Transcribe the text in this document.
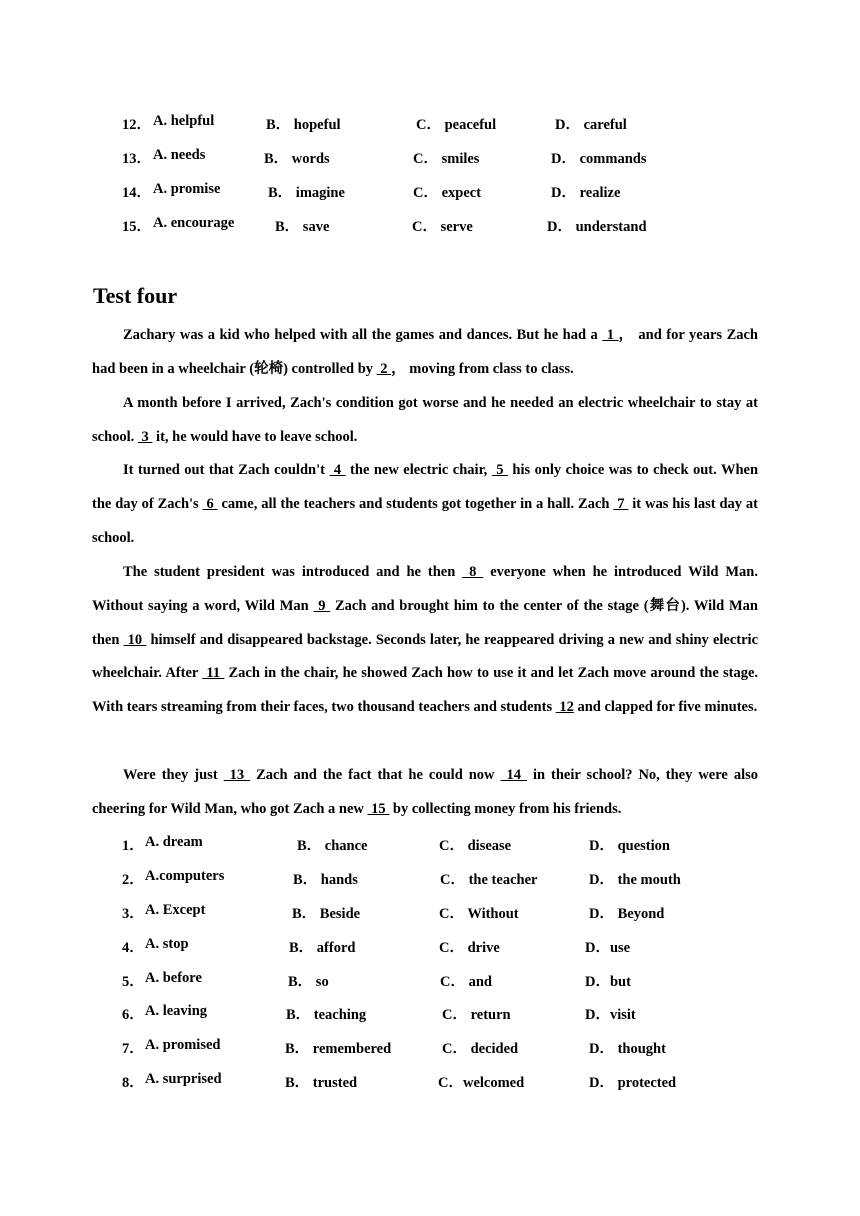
12． A. helpful	B． hopeful	C． peaceful	D． careful
13． A. needs	B． words	C． smiles	D． commands
14． A. promise	B． imagine	C． expect	D． realize
15． A. encourage	B． save	C． serve	D． understand
Test four

Zachary was a kid who helped with all the games and dances. But he had a  1 ， and for years Zach had been in a wheelchair (轮椅) controlled by  2 ， moving from class to class.

A month before I arrived, Zach's condition got worse and he needed an electric wheelchair to stay at school.  3  it, he would have to leave school.

It turned out that Zach couldn't  4  the new electric chair,  5  his only choice was to check out. When the day of Zach's  6  came, all the teachers and students got together in a hall. Zach  7  it was his last day at school.

The student president was introduced and he then  8  everyone when he introduced Wild Man. Without saying a word, Wild Man  9  Zach and brought him to the center of the stage (舞台). Wild Man then  10  himself and disappeared backstage. Seconds later, he reappeared driving a new and shiny electric wheelchair. After  11  Zach in the chair, he showed Zach how to use it and let Zach move around the stage. With tears streaming from their faces, two thousand teachers and students  12 and clapped for five minutes.

Were they just  13  Zach and the fact that he could now  14  in their school? No, they were also cheering for Wild Man, who got Zach a new  15  by collecting money from his friends.

1． A. dream	B． chance	C． disease	D． question
2． A.computers	B． hands	C． the teacher	D． the mouth
3． A. Except	B． Beside	C． Without	D． Beyond
4． A. stop	B． afford	C． drive	D．use
5． A. before	B． so	C． and	D．but
6． A. leaving	B． teaching	C． return	D．visit
7． A. promised	B． remembered	C． decided	D． thought
8． A. surprised	B． trusted	C．welcomed	D． protected
